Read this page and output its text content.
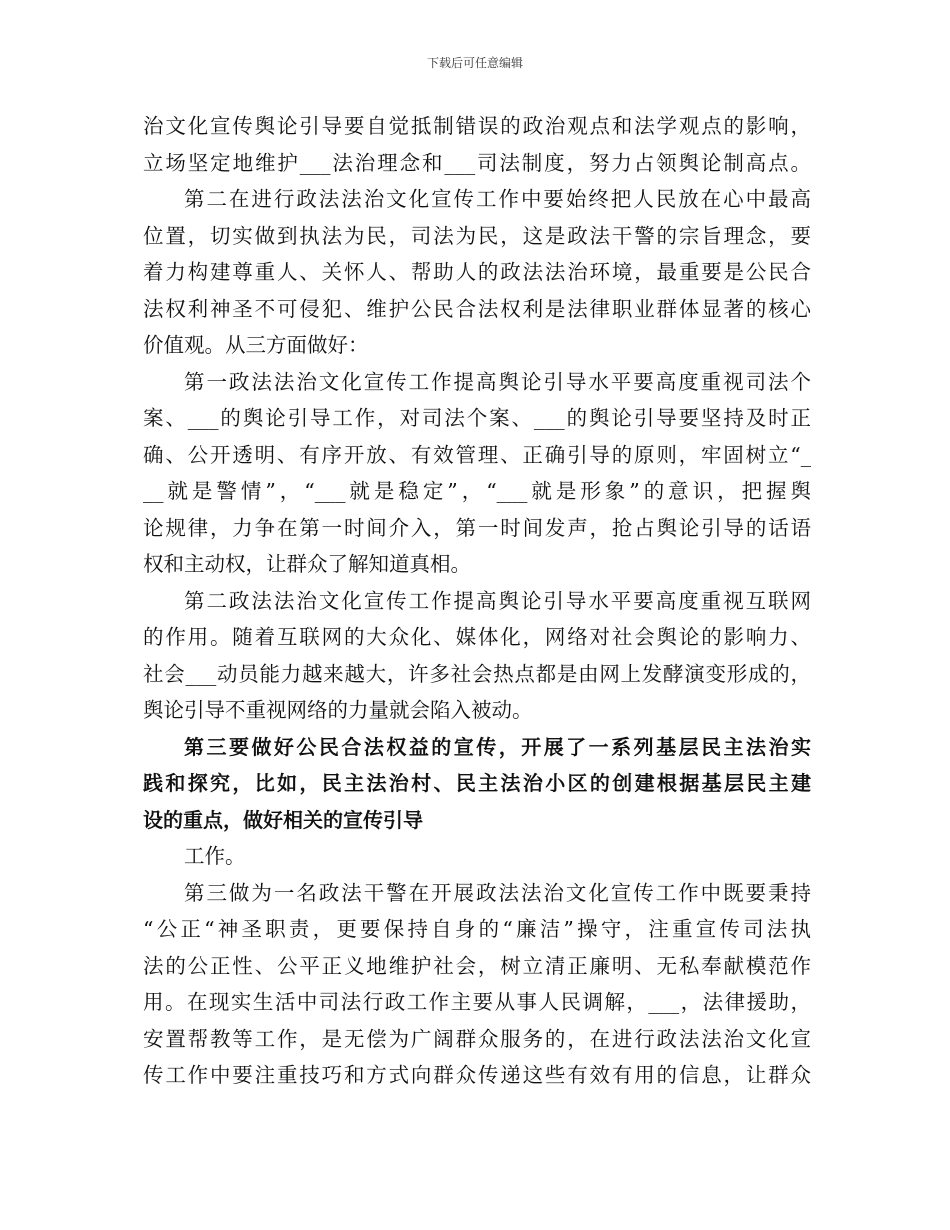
下载后可任意编辑
治文化宣传舆论引导要自觉抵制错误的政治观点和法学观点的影响，
立场坚定地维护___法治理念和___司法制度，努力占领舆论制高点。
第二在进行政法法治文化宣传工作中要始终把人民放在心中最高
位置，切实做到执法为民，司法为民，这是政法干警的宗旨理念，要
着力构建尊重人、关怀人、帮助人的政法法治环境，最重要是公民合
法权利神圣不可侵犯、维护公民合法权利是法律职业群体显著的核心
价值观。从三方面做好：
第一政法法治文化宣传工作提高舆论引导水平要高度重视司法个
案、___的舆论引导工作，对司法个案、___的舆论引导要坚持及时正
确、公开透明、有序开放、有效管理、正确引导的原则，牢固树立“_
__就是警情”，“___就是稳定”，“___就是形象”的意识，把握舆
论规律，力争在第一时间介入，第一时间发声，抢占舆论引导的话语
权和主动权，让群众了解知道真相。
第二政法法治文化宣传工作提高舆论引导水平要高度重视互联网
的作用。随着互联网的大众化、媒体化，网络对社会舆论的影响力、
社会___动员能力越来越大，许多社会热点都是由网上发酵演变形成的，
舆论引导不重视网络的力量就会陷入被动。
第三要做好公民合法权益的宣传，开展了一系列基层民主法治实
践和探究，比如，民主法治村、民主法治小区的创建根据基层民主建
设的重点，做好相关的宣传引导
工作。
第三做为一名政法干警在开展政法法治文化宣传工作中既要秉持
“公正“神圣职责，更要保持自身的“廉洁”操守，注重宣传司法执
法的公正性、公平正义地维护社会，树立清正廉明、无私奉献模范作
用。在现实生活中司法行政工作主要从事人民调解，___，法律援助，
安置帮教等工作，是无偿为广阔群众服务的，在进行政法法治文化宣
传工作中要注重技巧和方式向群众传递这些有效有用的信息，让群众
